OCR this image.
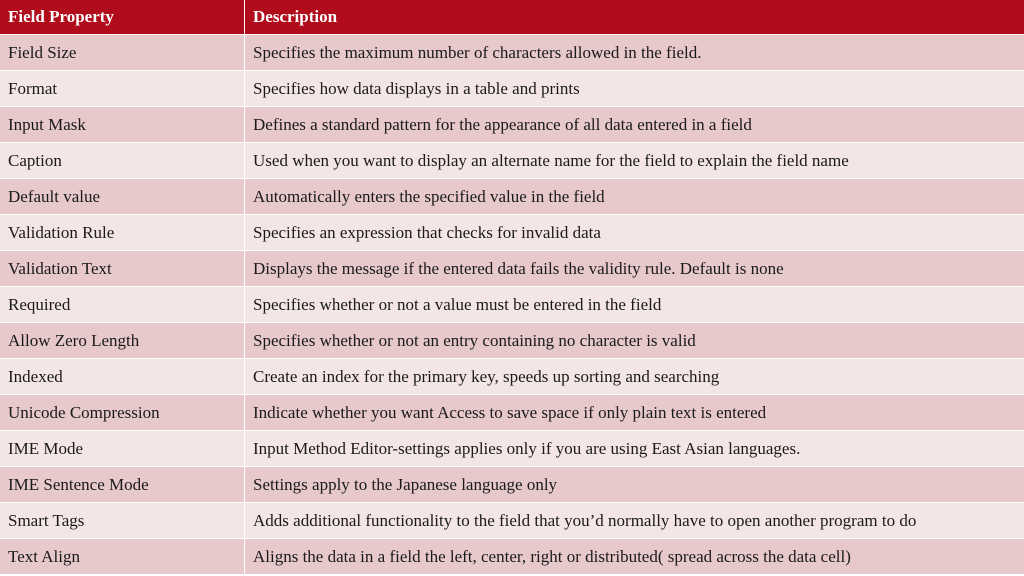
Field Property	Description
Field Size	Specifies the maximum number of characters allowed in the field.
Format	Specifies how data displays in a table and prints
Input Mask	Defines a standard pattern for the appearance of all data entered in a field
Caption	Used when you want to display an alternate name for the field to explain the field name
Default value	Automatically enters the specified value in the field
Validation Rule	Specifies an expression that checks for invalid data
Validation Text	Displays the message if the entered data fails the validity rule. Default is none
Required	Specifies whether or not a value must be entered in the field
Allow Zero Length	Specifies whether or not an entry containing no character is valid
Indexed	Create an index for the primary key, speeds up sorting and searching
Unicode Compression	Indicate whether you want Access to save space if only plain text is entered
IME Mode	Input Method Editor-settings applies only if you are using East Asian languages.
IME Sentence Mode	Settings apply to the Japanese language only
Smart Tags	Adds additional functionality to the field that you’d normally have to open another program to do
Text Align	Aligns the data in a field the left, center, right or distributed( spread across the data cell)
